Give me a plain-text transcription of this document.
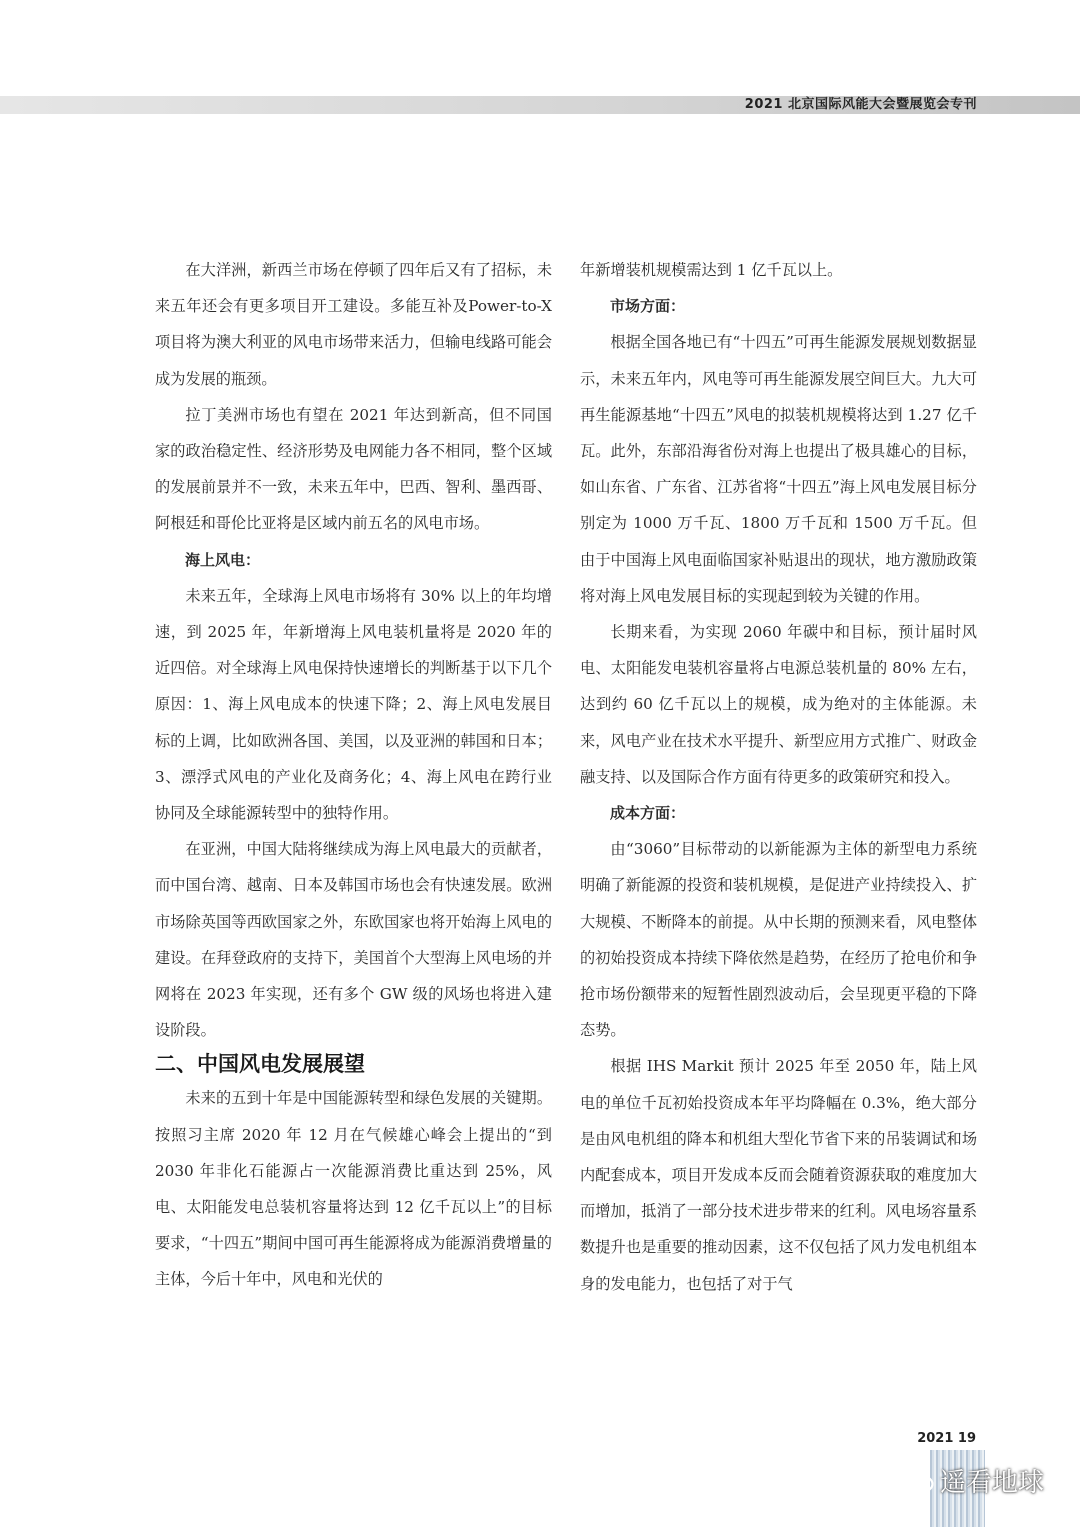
2021 北京国际风能大会暨展览会专刊

在大洋洲，新西兰市场在停顿了四年后又有了招标，未来五年还会有更多项目开工建设。多能互补及Power-to-X 项目将为澳大利亚的风电市场带来活力，但输电线路可能会成为发展的瓶颈。

拉丁美洲市场也有望在 2021 年达到新高，但不同国家的政治稳定性、经济形势及电网能力各不相同，整个区域的发展前景并不一致，未来五年中，巴西、智利、墨西哥、阿根廷和哥伦比亚将是区域内前五名的风电市场。

海上风电：

未来五年，全球海上风电市场将有 30% 以上的年均增速，到 2025 年，年新增海上风电装机量将是 2020 年的近四倍。对全球海上风电保持快速增长的判断基于以下几个原因：1、海上风电成本的快速下降；2、海上风电发展目标的上调，比如欧洲各国、美国，以及亚洲的韩国和日本；3、漂浮式风电的产业化及商务化；4、海上风电在跨行业协同及全球能源转型中的独特作用。

在亚洲，中国大陆将继续成为海上风电最大的贡献者，而中国台湾、越南、日本及韩国市场也会有快速发展。欧洲市场除英国等西欧国家之外，东欧国家也将开始海上风电的建设。在拜登政府的支持下，美国首个大型海上风电场的并网将在 2023 年实现，还有多个 GW 级的风场也将进入建设阶段。

二、中国风电发展展望

未来的五到十年是中国能源转型和绿色发展的关键期。按照习主席 2020 年 12 月在气候雄心峰会上提出的“到 2030 年非化石能源占一次能源消费比重达到 25%，风电、太阳能发电总装机容量将达到 12 亿千瓦以上”的目标要求，“十四五”期间中国可再生能源将成为能源消费增量的主体，今后十年中，风电和光伏的

年新增装机规模需达到 1 亿千瓦以上。

市场方面：

根据全国各地已有“十四五”可再生能源发展规划数据显示，未来五年内，风电等可再生能源发展空间巨大。九大可再生能源基地“十四五”风电的拟装机规模将达到 1.27 亿千瓦。此外，东部沿海省份对海上也提出了极具雄心的目标，如山东省、广东省、江苏省将“十四五”海上风电发展目标分别定为 1000 万千瓦、1800 万千瓦和 1500 万千瓦。但由于中国海上风电面临国家补贴退出的现状，地方激励政策将对海上风电发展目标的实现起到较为关键的作用。

长期来看，为实现 2060 年碳中和目标，预计届时风电、太阳能发电装机容量将占电源总装机量的 80% 左右，达到约 60 亿千瓦以上的规模，成为绝对的主体能源。未来，风电产业在技术水平提升、新型应用方式推广、财政金融支持、以及国际合作方面有待更多的政策研究和投入。

成本方面：

由“3060”目标带动的以新能源为主体的新型电力系统明确了新能源的投资和装机规模，是促进产业持续投入、扩大规模、不断降本的前提。从中长期的预测来看，风电整体的初始投资成本持续下降依然是趋势，在经历了抢电价和争抢市场份额带来的短暂性剧烈波动后，会呈现更平稳的下降态势。

根据 IHS Markit 预计 2025 年至 2050 年，陆上风电的单位千瓦初始投资成本年平均降幅在 0.3%，绝大部分是由风电机组的降本和机组大型化节省下来的吊装调试和场内配套成本，项目开发成本反而会随着资源获取的难度加大而增加，抵消了一部分技术进步带来的红利。风电场容量系数提升也是重要的推动因素，这不仅包括了风力发电机组本身的发电能力，也包括了对于气

2021 19
遥看地球
